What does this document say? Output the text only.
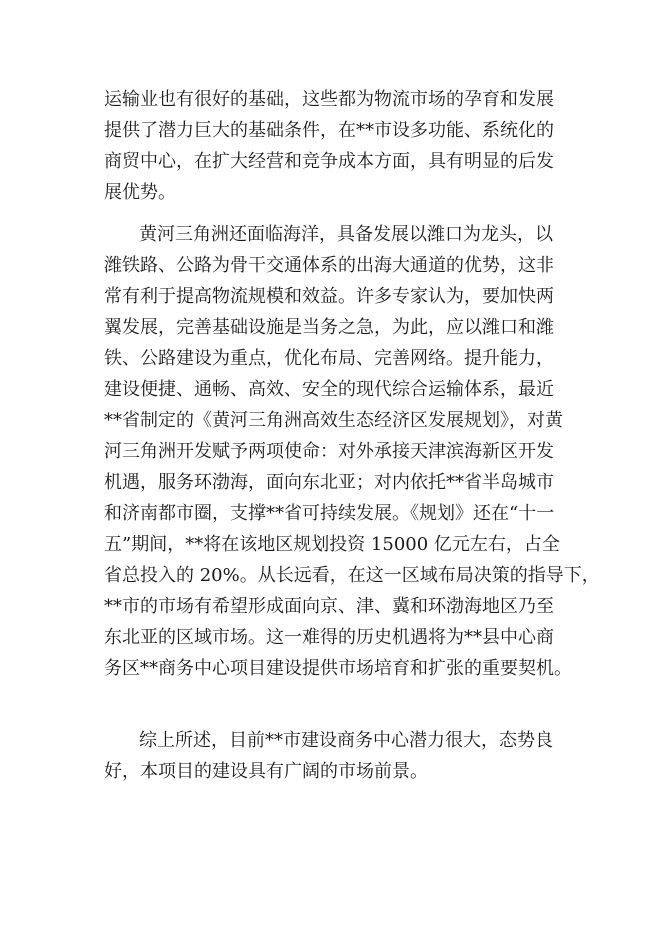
运输业也有很好的基础，这些都为物流市场的孕育和发展
提供了潜力巨大的基础条件，在**市设多功能、系统化的
商贸中心，在扩大经营和竞争成本方面，具有明显的后发
展优势。
黄河三角洲还面临海洋，具备发展以潍口为龙头，以
潍铁路、公路为骨干交通体系的出海大通道的优势，这非
常有利于提高物流规模和效益。许多专家认为，要加快两
翼发展，完善基础设施是当务之急，为此，应以潍口和潍
铁、公路建设为重点，优化布局、完善网络。提升能力，
建设便捷、通畅、高效、安全的现代综合运输体系，最近
**省制定的《黄河三角洲高效生态经济区发展规划》，对黄
河三角洲开发赋予两项使命：对外承接天津滨海新区开发
机遇，服务环渤海，面向东北亚；对内依托**省半岛城市
和济南都市圈，支撑**省可持续发展。《规划》还在“十一
五”期间，**将在该地区规划投资 15000 亿元左右，占全
省总投入的 20%。从长远看，在这一区域布局决策的指导下，
**市的市场有希望形成面向京、津、冀和环渤海地区乃至
东北亚的区域市场。这一难得的历史机遇将为**县中心商
务区**商务中心项目建设提供市场培育和扩张的重要契机。
综上所述，目前**市建设商务中心潜力很大，态势良
好，本项目的建设具有广阔的市场前景。
